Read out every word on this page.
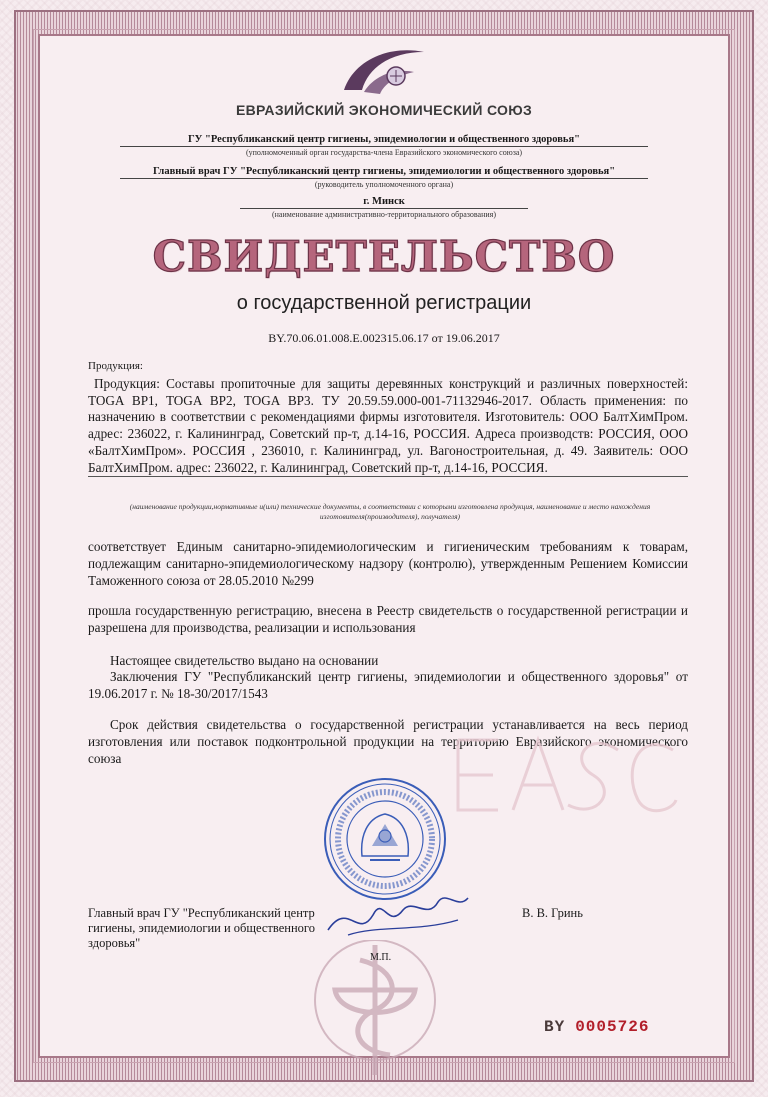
ЕВРАЗИЙСКИЙ ЭКОНОМИЧЕСКИЙ СОЮЗ
ГУ "Республиканский центр гигиены, эпидемиологии и общественного здоровья"
(уполномоченный орган государства-члена Евразийского экономического союза)
Главный врач ГУ "Республиканский центр гигиены, эпидемиологии и общественного здоровья"
(руководитель уполномоченного органа)
г. Минск
(наименование административно-территориального образования)
СВИДЕТЕЛЬСТВО
о государственной регистрации
BY.70.06.01.008.E.002315.06.17 от 19.06.2017
Продукция:
Продукция: Составы пропиточные для защиты деревянных конструкций и различных поверхностей: TOGA BP1, TOGA BP2, TOGA BP3. ТУ 20.59.59.000-001-71132946-2017. Область применения: по назначению в соответствии с рекомендациями фирмы изготовителя. Изготовитель: ООО БалтХимПром. адрес: 236022, г. Калининград, Советский пр-т, д.14-16, РОССИЯ. Адреса производств: РОССИЯ, ООО «БалтХимПром». РОССИЯ , 236010, г. Калининград, ул. Вагоностроительная, д. 49. Заявитель: ООО БалтХимПром. адрес: 236022, г. Калининград, Советский пр-т, д.14-16, РОССИЯ.
(наименование продукции,нормативные и(или) технические документы, в соответствии с которыми изготовлена продукция, наименование и место нахождения изготовителя(производителя), получателя)
соответствует Единым санитарно-эпидемиологическим и гигиеническим требованиям к товарам, подлежащим санитарно-эпидемиологическому надзору (контролю), утвержденным Решением Комиссии Таможенного союза от 28.05.2010 №299
прошла государственную регистрацию, внесена в Реестр свидетельств о государственной регистрации и разрешена для производства, реализации и использования
Настоящее свидетельство выдано на основании
Заключения ГУ "Республиканский центр гигиены, эпидемиологии и общественного здоровья" от 19.06.2017 г. № 18-30/2017/1543
Срок действия свидетельства о государственной регистрации устанавливается на весь период изготовления или поставок подконтрольной продукции на территорию Евразийского экономического союза
Главный врач ГУ "Республиканский центр гигиены, эпидемиологии и общественного здоровья"
В. В. Гринь
М.П.
BY 0005726
